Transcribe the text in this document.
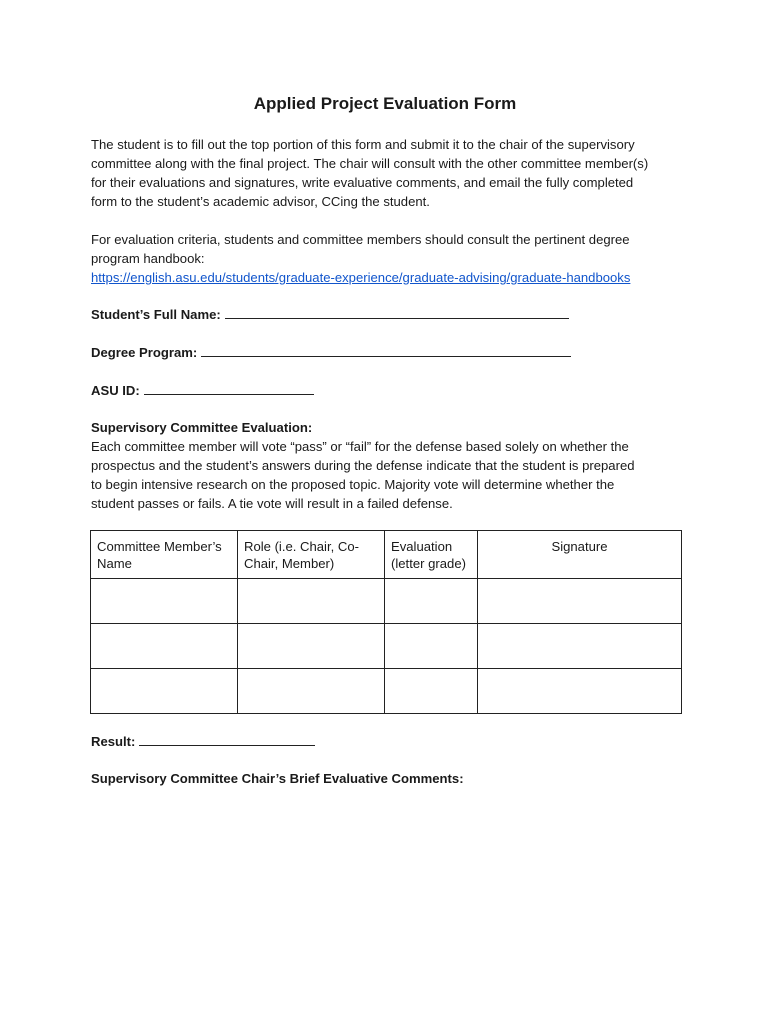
Applied Project Evaluation Form

The student is to fill out the top portion of this form and submit it to the chair of the supervisory

committee along with the final project. The chair will consult with the other committee member(s)

for their evaluations and signatures, write evaluative comments, and email the fully completed

form to the student’s academic advisor, CCing the student.

For evaluation criteria, students and committee members should consult the pertinent degree

program handbook:

https://english.asu.edu/students/graduate-experience/graduate-advising/graduate-handbooks

Student’s Full Name:
Degree Program:
ASU ID:

Supervisory Committee Evaluation:

Each committee member will vote “pass” or “fail” for the defense based solely on whether the

prospectus and the student’s answers during the defense indicate that the student is prepared

to begin intensive research on the proposed topic. Majority vote will determine whether the

student passes or fails. A tie vote will result in a failed defense.

Committee Member’s Name	Role (i.e. Chair, Co-Chair, Member)	Evaluation (letter grade)	Signature

Result:
Supervisory Committee Chair’s Brief Evaluative Comments:
